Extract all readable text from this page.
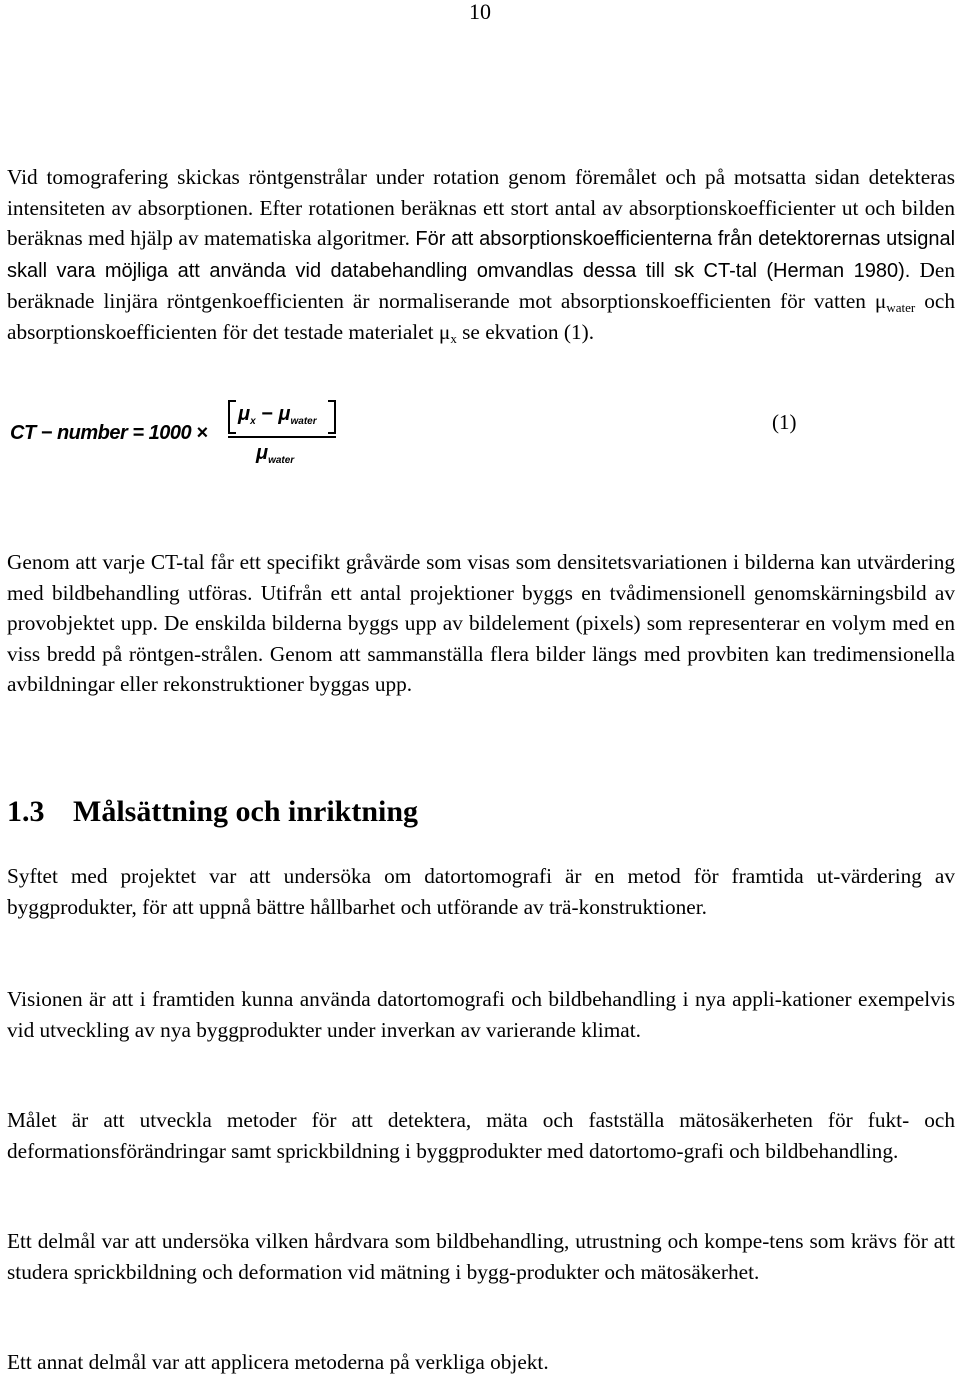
10
Vid tomografering skickas röntgenstrålar under rotation genom föremålet och på motsatta sidan detekteras intensiteten av absorptionen. Efter rotationen beräknas ett stort antal av absorptionskoefficienter ut och bilden beräknas med hjälp av matematiska algoritmer. För att absorptionskoefficienterna från detektorernas utsignal skall vara möjliga att använda vid databehandling omvandlas dessa till sk CT-tal (Herman 1980). Den beräknade linjära röntgenkoefficienten är normaliserande mot absorptionskoefficienten för vatten $\mu_{water}$ och absorptionskoefficienten för det testade materialet $\mu_x$ se ekvation (1).
CT − number = 1000 ×
$\mu_x - \mu_{water}$
$\mu_{water}$
(1)
Genom att varje CT-tal får ett specifikt gråvärde som visas som densitetsvariationen i bilderna kan utvärdering med bildbehandling utföras. Utifrån ett antal projektioner byggs en tvådimensionell genomskärningsbild av provobjektet upp. De enskilda bilderna byggs upp av bildelement (pixels) som representerar en volym med en viss bredd på röntgen-strålen. Genom att sammanställa flera bilder längs med provbiten kan tredimensionella avbildningar eller rekonstruktioner byggas upp.
1.3 Målsättning och inriktning
Syftet med projektet var att undersöka om datortomografi är en metod för framtida ut-värdering av byggprodukter, för att uppnå bättre hållbarhet och utförande av trä-konstruktioner.
Visionen är att i framtiden kunna använda datortomografi och bildbehandling i nya appli-kationer exempelvis vid utveckling av nya byggprodukter under inverkan av varierande klimat.
Målet är att utveckla metoder för att detektera, mäta och fastställa mätosäkerheten för fukt- och deformationsförändringar samt sprickbildning i byggprodukter med datortomo-grafi och bildbehandling.
Ett delmål var att undersöka vilken hårdvara som bildbehandling, utrustning och kompe-tens som krävs för att studera sprickbildning och deformation vid mätning i bygg-produkter och mätosäkerhet.
Ett annat delmål var att applicera metoderna på verkliga objekt.
